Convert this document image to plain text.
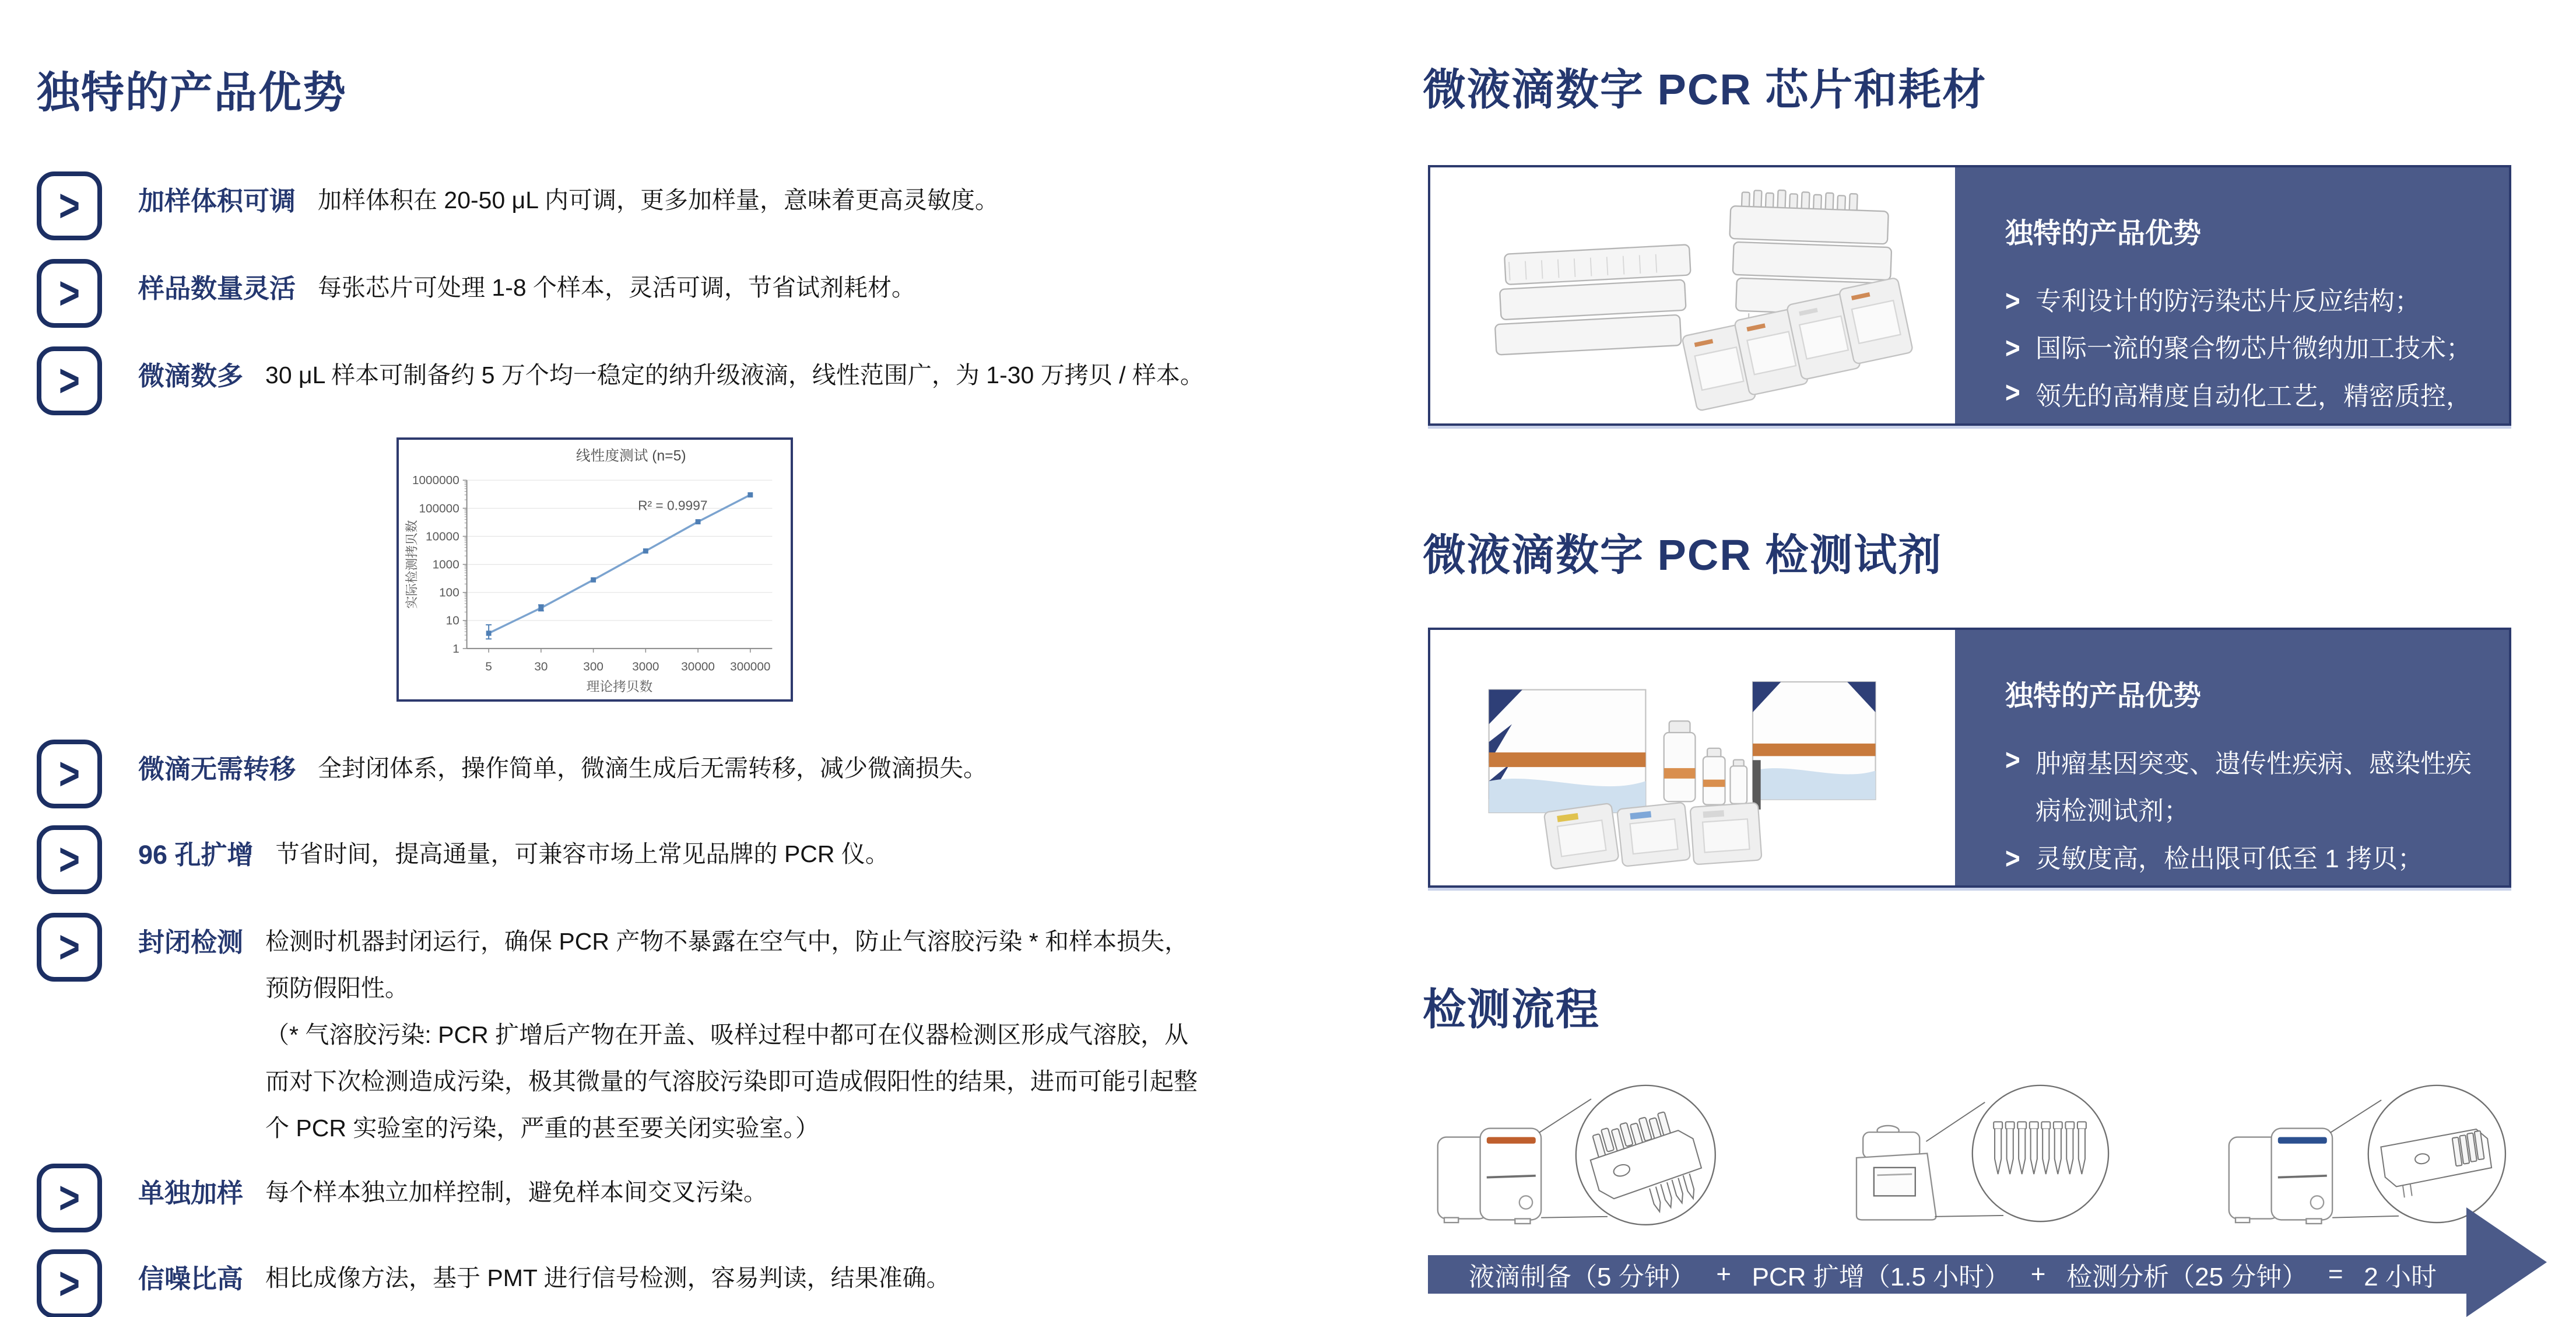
独特的产品优势
> 加样体积可调 加样体积在 20-50 μL 内可调，更多加样量，意味着更高灵敏度。
> 样品数量灵活 每张芯片可处理 1-8 个样本，灵活可调，节省试剂耗材。
> 微滴数多 30 μL 样本可制备约 5 万个均一稳定的纳升级液滴，线性范围广，为 1-30 万拷贝 / 样本。
1
10
100
1000
10000
100000
1000000
5	30	300 3000 30000 300000
线性度测试 (n=5)
R² = 0.9997
理论拷贝数
实际检测拷贝数
> 微滴无需转移 全封闭体系，操作简单，微滴生成后无需转移，减少微滴损失。
> 96 孔扩增 节省时间，提高通量，可兼容市场上常见品牌的 PCR 仪。
> 封闭检测 检测时机器封闭运行，确保 PCR 产物不暴露在空气中，防止气溶胶污染 * 和样本损失，预防假阳性。

（* 气溶胶污染: PCR 扩增后产物在开盖、吸样过程中都可在仪器检测区形成气溶胶，从而对下次检测造成污染，极其微量的气溶胶污染即可造成假阳性的结果，进而可能引起整个 PCR 实验室的污染，严重的甚至要关闭实验室。）

> 单独加样 每个样本独立加样控制，避免样本间交叉污染。
> 信噪比高 相比成像方法，基于 PMT 进行信号检测，容易判读，结果准确。
微液滴数字 PCR 芯片和耗材
独特的产品优势
> 专利设计的防污染芯片反应结构；
> 国际一流的聚合物芯片微纳加工技术；
> 领先的高精度自动化工艺，精密质控，确保品质。
微液滴数字 PCR 检测试剂
独特的产品优势
> 肿瘤基因突变、遗传性疾病、感染性疾病检测试剂；
> 灵敏度高，检出限可低至 1 拷贝；
> 精准定量，可准确检出靶分子数目。
检测流程
液滴制备（5 分钟） + PCR 扩增（1.5 小时） + 检测分析（25 分钟） = 2 小时
